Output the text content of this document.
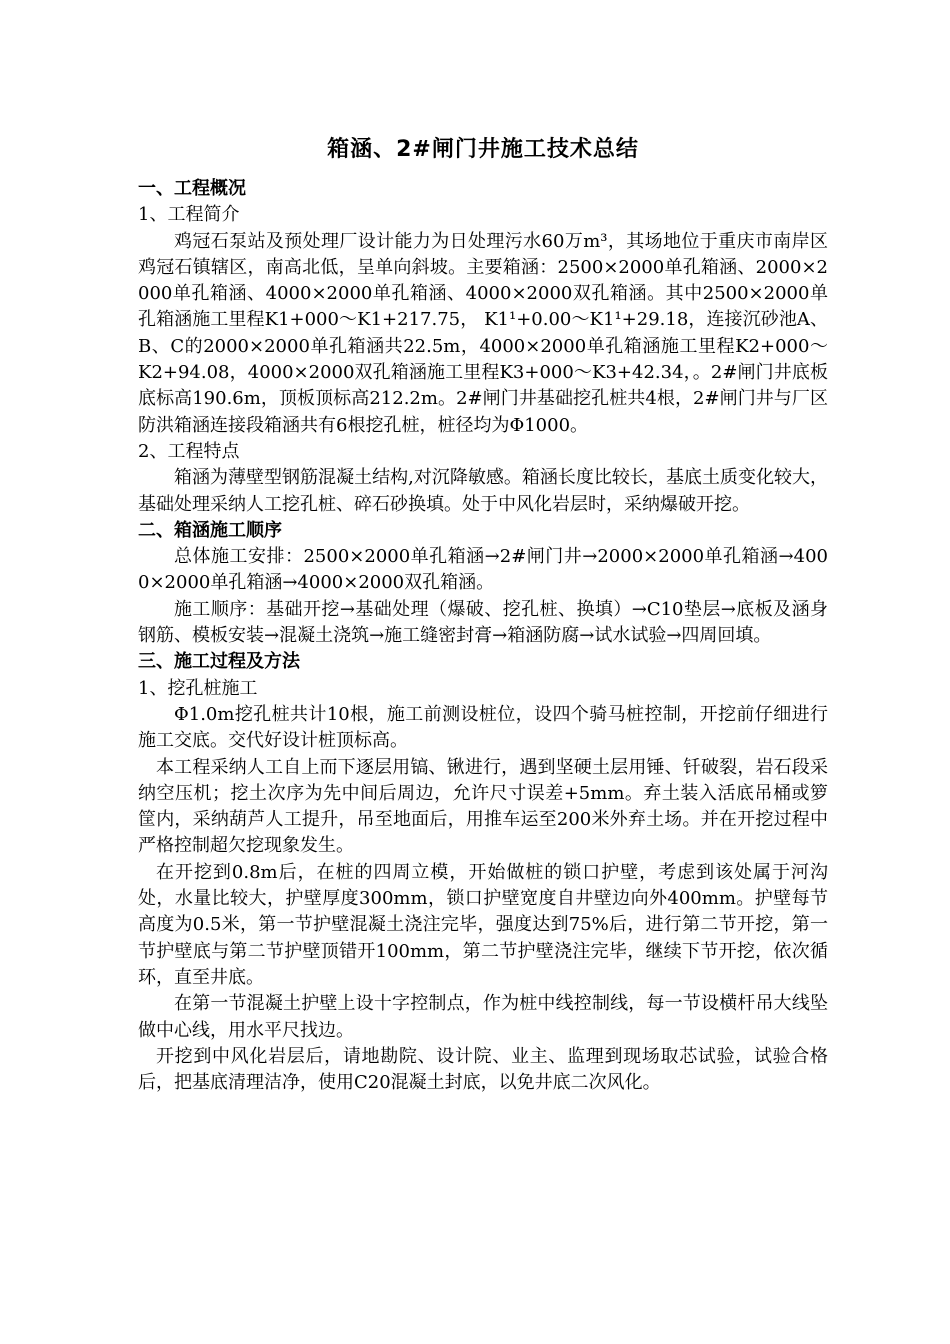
箱涵、2#闸门井施工技术总结

一、工程概况

1、工程简介

鸡冠石泵站及预处理厂设计能力为日处理污水60万m³，其场地位于重庆市南岸区鸡冠石镇辖区，南高北低，呈单向斜坡。主要箱涵：2500×2000单孔箱涵、2000×2000单孔箱涵、4000×2000单孔箱涵、4000×2000双孔箱涵。其中2500×2000单孔箱涵施工里程K1+000～K1+217.75， K1¹+0.00～K1¹+29.18，连接沉砂池A、B、C的2000×2000单孔箱涵共22.5m，4000×2000单孔箱涵施工里程K2+000～K2+94.08，4000×2000双孔箱涵施工里程K3+000～K3+42.34，。2#闸门井底板底标高190.6m，顶板顶标高212.2m。2#闸门井基础挖孔桩共4根，2#闸门井与厂区防洪箱涵连接段箱涵共有6根挖孔桩，桩径均为Φ1000。

2、工程特点

箱涵为薄壁型钢筋混凝土结构,对沉降敏感。箱涵长度比较长，基底土质变化较大，基础处理采纳人工挖孔桩、碎石砂换填。处于中风化岩层时，采纳爆破开挖。

二、箱涵施工顺序

总体施工安排：2500×2000单孔箱涵→2#闸门井→2000×2000单孔箱涵→4000×2000单孔箱涵→4000×2000双孔箱涵。

施工顺序：基础开挖→基础处理（爆破、挖孔桩、换填）→C10垫层→底板及涵身钢筋、模板安装→混凝土浇筑→施工缝密封膏→箱涵防腐→试水试验→四周回填。

三、施工过程及方法

1、挖孔桩施工

Φ1.0m挖孔桩共计10根，施工前测设桩位，设四个骑马桩控制，开挖前仔细进行施工交底。交代好设计桩顶标高。

本工程采纳人工自上而下逐层用镐、锹进行，遇到坚硬土层用锤、钎破裂，岩石段采纳空压机；挖土次序为先中间后周边，允许尺寸误差+5mm。弃土装入活底吊桶或箩筐内，采纳葫芦人工提升，吊至地面后，用推车运至200米外弃土场。并在开挖过程中严格控制超欠挖现象发生。

在开挖到0.8m后，在桩的四周立模，开始做桩的锁口护壁，考虑到该处属于河沟处，水量比较大，护壁厚度300mm，锁口护壁宽度自井壁边向外400mm。护壁每节高度为0.5米，第一节护壁混凝土浇注完毕，强度达到75%后，进行第二节开挖，第一节护壁底与第二节护壁顶错开100mm，第二节护壁浇注完毕，继续下节开挖，依次循环，直至井底。

在第一节混凝土护壁上设十字控制点，作为桩中线控制线，每一节设横杆吊大线坠做中心线，用水平尺找边。

开挖到中风化岩层后，请地勘院、设计院、业主、监理到现场取芯试验，试验合格后，把基底清理洁净，使用C20混凝土封底，以免井底二次风化。
